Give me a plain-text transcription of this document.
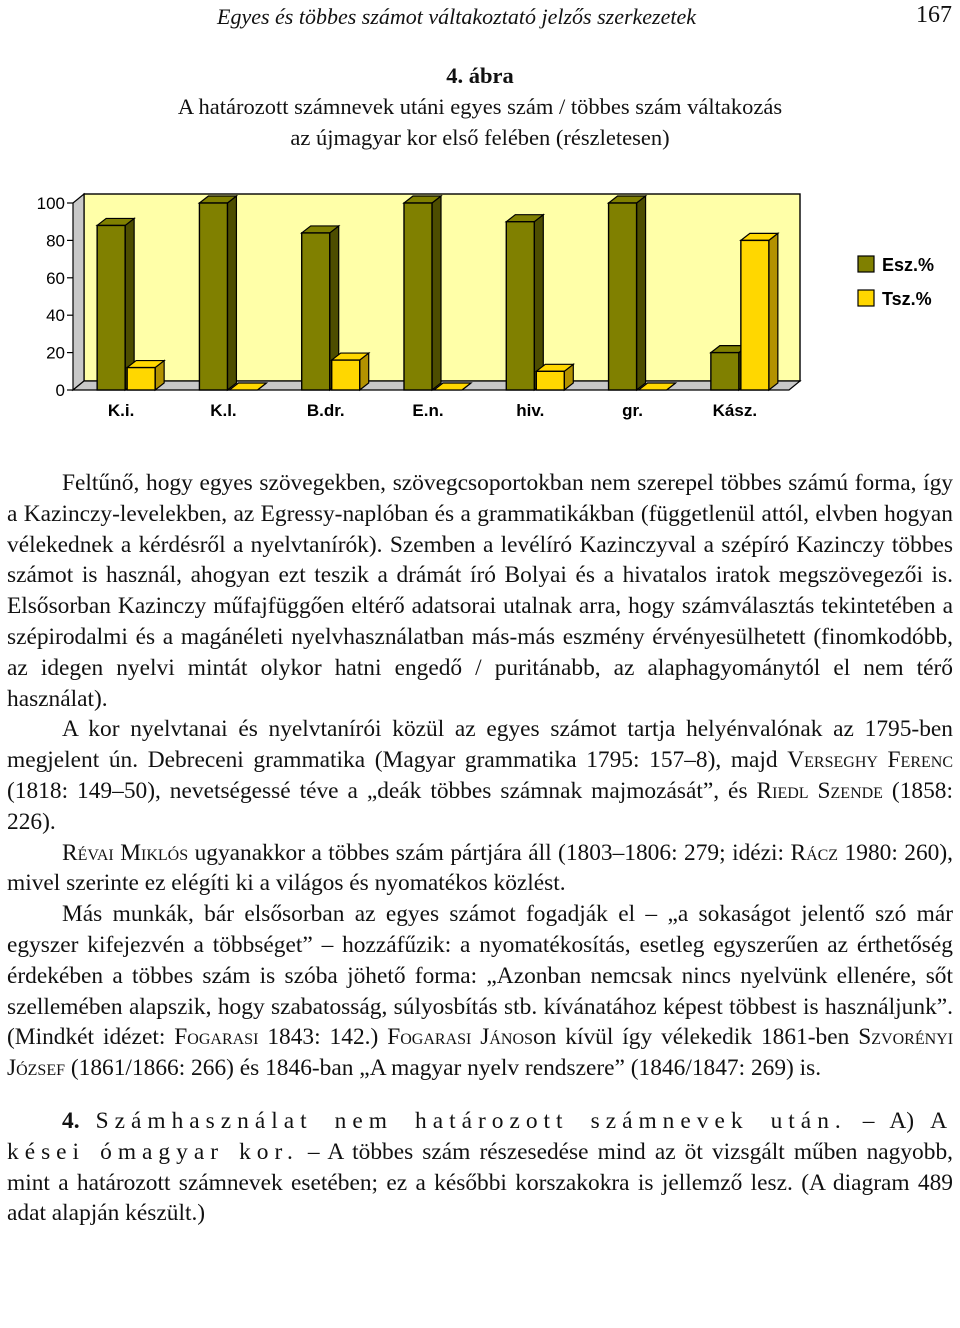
Egyes és többes számot váltakoztató jelzős szerkezetek	167
4. ábra
A határozott számnevek utáni egyes szám / többes szám váltakozás
az újmagyar kor első felében (részletesen)
0
20
40
60
80
100
K.i.	K.l.	B.dr.	E.n.	hiv.	gr.	Kász.
Esz.%
Tsz.%

Feltűnő, hogy egyes szövegekben, szövegcsoportokban nem szerepel többes számú forma, így a Kazinczy-levelekben, az Egressy-naplóban és a grammatikákban (függetlenül attól, elvben hogyan vélekednek a kérdésről a nyelvtanírók). Szemben a levélíró Kazinczyval a szépíró Kazinczy többes számot is használ, ahogyan ezt teszik a drámát író Bolyai és a hivatalos iratok megszövegezői is. Elsősorban Kazinczy műfajfüggően eltérő adatsorai utalnak arra, hogy számválasztás tekintetében a szépirodalmi és a magánéleti nyelvhasználatban más-más eszmény érvényesülhetett (finomkodóbb, az idegen nyelvi mintát olykor hatni engedő / puritánabb, az alaphagyománytól el nem térő használat).

A kor nyelvtanai és nyelvtanírói közül az egyes számot tartja helyénvalónak az 1795-ben megjelent ún. Debreceni grammatika (Magyar grammatika 1795: 157–8), majd Verseghy Ferenc (1818: 149–50), nevetségessé téve a „deák többes számnak majmozását”, és Riedl Szende (1858: 226).

Révai Miklós ugyanakkor a többes szám pártjára áll (1803–1806: 279; idézi: Rácz 1980: 260), mivel szerinte ez elégíti ki a világos és nyomatékos közlést.

Más munkák, bár elsősorban az egyes számot fogadják el – „a sokaságot jelentő szó már egyszer kifejezvén a többséget” – hozzáfűzik: a nyomatékosítás, esetleg egyszerűen az érthetőség érdekében a többes szám is szóba jöhető forma: „Azonban nemcsak nincs nyelvünk ellenére, sőt szellemében alapszik, hogy szabatosság, súlyosbítás stb. kívánatához képest többest is használjunk”. (Mindkét idézet: Fogarasi 1843: 142.) Fogarasi Jánoson kívül így vélekedik 1861-ben Szvorényi József (1861/1866: 266) és 1846-ban „A magyar nyelv rendszere” (1846/1847: 269) is.

4. Számhasználat nem határozott számnevek után. – A) A kései ómagyar kor. – A többes szám részesedése mind az öt vizsgált műben nagyobb, mint a határozott számnevek esetében; ez a későbbi korszakokra is jellemző lesz. (A diagram 489 adat alapján készült.)
